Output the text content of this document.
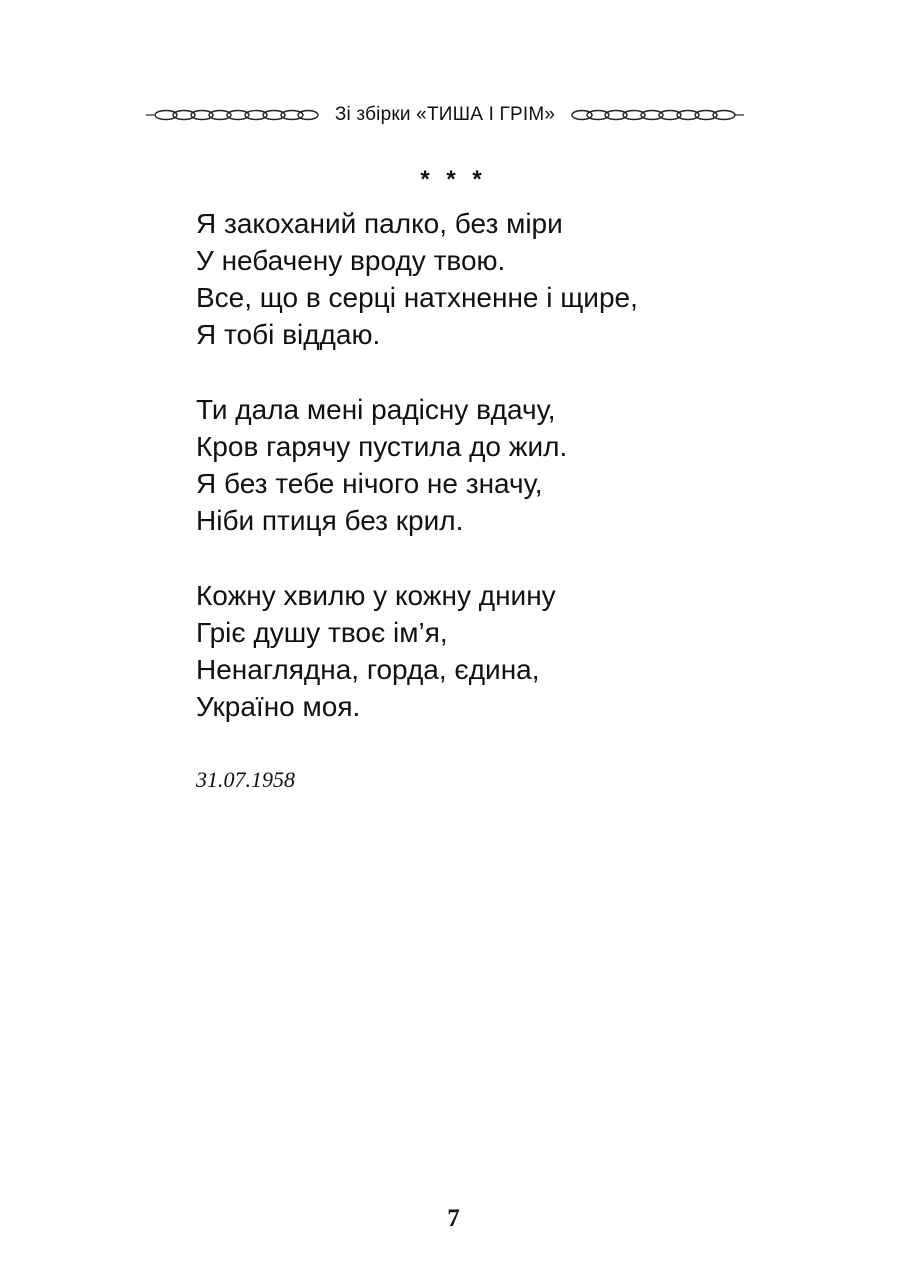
Зі збірки «ТИША І ГРІМ»
* * *
Я закоханий палко, без міри
У небачену вроду твою.
Все, що в серці натхненне і щире,
Я тобі віддаю.
Ти дала мені радісну вдачу,
Кров гарячу пустила до жил.
Я без тебе нічого не значу,
Ніби птиця без крил.
Кожну хвилю у кожну днину
Гріє душу твоє ім’я,
Ненаглядна, горда, єдина,
Україно моя.
31.07.1958
7
